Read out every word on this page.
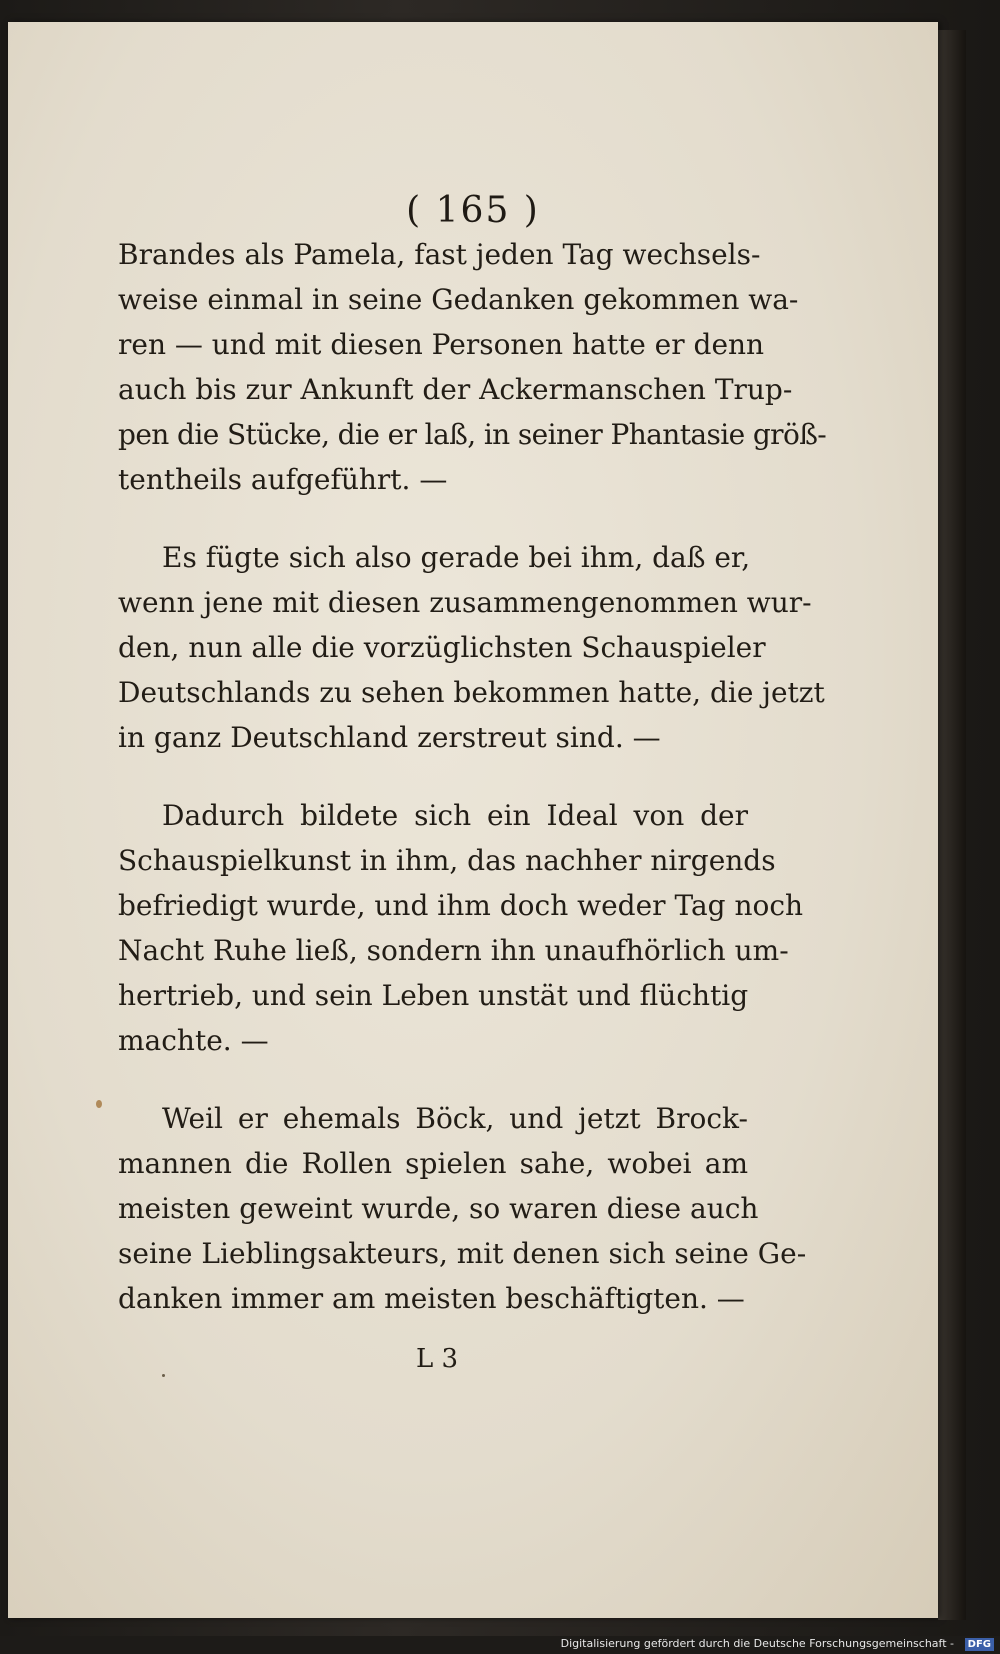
( 165 )
Brandes als Pamela, fast jeden Tag wechsels-
weise einmal in seine Gedanken gekommen wa-
ren — und mit diesen Personen hatte er denn
auch bis zur Ankunft der Ackermanschen Trup-
pen die Stücke, die er laß, in seiner Phantasie größ-
tentheils aufgeführt. —
Es fügte sich also gerade bei ihm, daß er,
wenn jene mit diesen zusammengenommen wur-
den, nun alle die vorzüglichsten Schauspieler
Deutschlands zu sehen bekommen hatte, die jetzt
in ganz Deutschland zerstreut sind. —
Dadurch bildete sich ein Ideal von der
Schauspielkunst in ihm, das nachher nirgends
befriedigt wurde, und ihm doch weder Tag noch
Nacht Ruhe ließ, sondern ihn unaufhörlich um-
hertrieb, und sein Leben unstät und flüchtig
machte. —
Weil er ehemals Böck, und jetzt Brock-
mannen die Rollen spielen sahe, wobei am
meisten geweint wurde, so waren diese auch
seine Lieblingsakteurs, mit denen sich seine Ge-
danken immer am meisten beschäftigten. —
L 3
Digitalisierung gefördert durch die Deutsche Forschungsgemeinschaft -	DFG
